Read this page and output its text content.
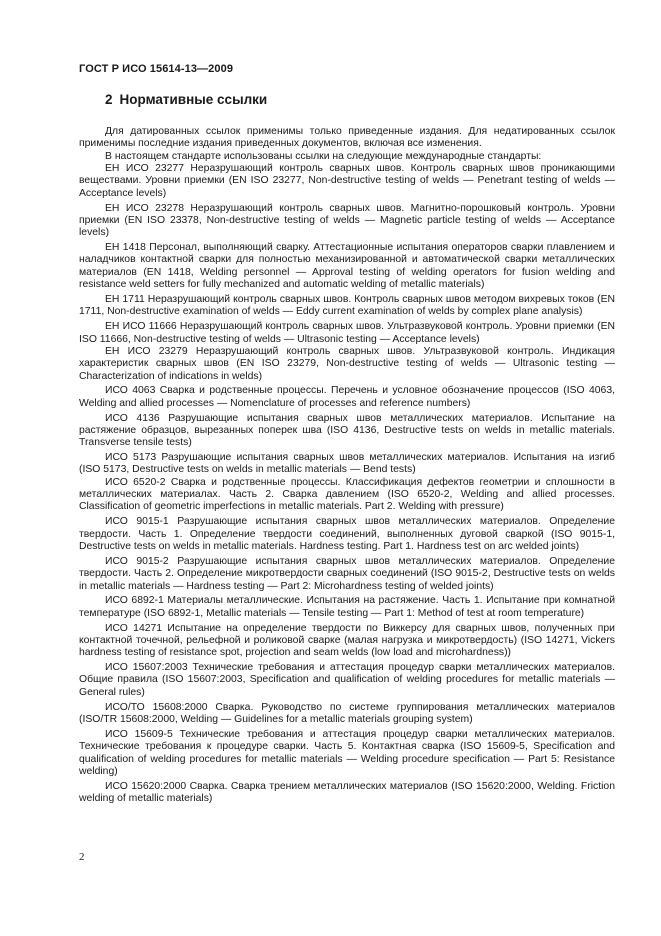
ГОСТ Р ИСО 15614-13—2009
2 Нормативные ссылки

Для датированных ссылок применимы только приведенные издания. Для недатированных ссылок применимы последние издания приведенных документов, включая все изменения.

В настоящем стандарте использованы ссылки на следующие международные стандарты:

ЕН ИСО 23277 Неразрушающий контроль сварных швов. Контроль сварных швов проникающими веществами. Уровни приемки (EN ISO 23277, Non-destructive testing of welds — Penetrant testing of welds — Acceptance levels)

ЕН ИСО 23278 Неразрушающий контроль сварных швов. Магнитно-порошковый контроль. Уровни приемки (EN ISO 23378, Non-destructive testing of welds — Magnetic particle testing of welds — Acceptance levels)

ЕН 1418 Персонал, выполняющий сварку. Аттестационные испытания операторов сварки плавлением и наладчиков контактной сварки для полностью механизированной и автоматической сварки металлических материалов (EN 1418, Welding personnel — Approval testing of welding operators for fusion welding and resistance weld setters for fully mechanized and automatic welding of metallic materials)

ЕН 1711 Неразрушающий контроль сварных швов. Контроль сварных швов методом вихревых токов (EN 1711, Non-destructive examination of welds — Eddy current examination of welds by complex plane analysis)

ЕН ИСО 11666 Неразрушающий контроль сварных швов. Ультразвуковой контроль. Уровни приемки (EN ISO 11666, Non-destructive testing of welds — Ultrasonic testing — Acceptance levels)

ЕН ИСО 23279 Неразрушающий контроль сварных швов. Ультразвуковой контроль. Индикация характеристик сварных швов (EN ISO 23279, Non-destructive testing of welds — Ultrasonic testing — Characterization of indications in welds)

ИСО 4063 Сварка и родственные процессы. Перечень и условное обозначение процессов (ISO 4063, Welding and allied processes — Nomenclature of processes and reference numbers)

ИСО 4136 Разрушающие испытания сварных швов металлических материалов. Испытание на растяжение образцов, вырезанных поперек шва (ISO 4136, Destructive tests on welds in metallic materials. Transverse tensile tests)

ИСО 5173 Разрушающие испытания сварных швов металлических материалов. Испытания на изгиб (ISO 5173, Destructive tests on welds in metallic materials — Bend tests)

ИСО 6520-2 Сварка и родственные процессы. Классификация дефектов геометрии и сплошности в металлических материалах. Часть 2. Сварка давлением (ISO 6520-2, Welding and allied processes. Classification of geometric imperfections in metallic materials. Part 2. Welding with pressure)

ИСО 9015-1 Разрушающие испытания сварных швов металлических материалов. Определение твердости. Часть 1. Определение твердости соединений, выполненных дуговой сваркой (ISO 9015-1, Destructive tests on welds in metallic materials. Hardness testing. Part 1. Hardness test on arc welded joints)

ИСО 9015-2 Разрушающие испытания сварных швов металлических материалов. Определение твердости. Часть 2. Определение микротвердости сварных соединений (ISO 9015-2, Destructive tests on welds in metallic materials — Hardness testing — Part 2: Microhardness testing of welded joints)

ИСО 6892-1 Материалы металлические. Испытания на растяжение. Часть 1. Испытание при комнатной температуре (ISO 6892-1, Metallic materials — Tensile testing — Part 1: Method of test at room temperature)

ИСО 14271 Испытание на определение твердости по Виккерсу для сварных швов, полученных при контактной точечной, рельефной и роликовой сварке (малая нагрузка и микротвердость) (ISO 14271, Vickers hardness testing of resistance spot, projection and seam welds (low load and microhardness))

ИСО 15607:2003 Технические требования и аттестация процедур сварки металлических материалов. Общие правила (ISO 15607:2003, Specification and qualification of welding procedures for metallic materials — General rules)

ИСО/ТО 15608:2000 Сварка. Руководство по системе группирования металлических материалов (ISO/TR 15608:2000, Welding — Guidelines for a metallic materials grouping system)

ИСО 15609-5 Технические требования и аттестация процедур сварки металлических материалов. Технические требования к процедуре сварки. Часть 5. Контактная сварка (ISO 15609-5, Specification and qualification of welding procedures for metallic materials — Welding procedure specification — Part 5: Resistance welding)

ИСО 15620:2000 Сварка. Сварка трением металлических материалов (ISO 15620:2000, Welding. Friction welding of metallic materials)

2
